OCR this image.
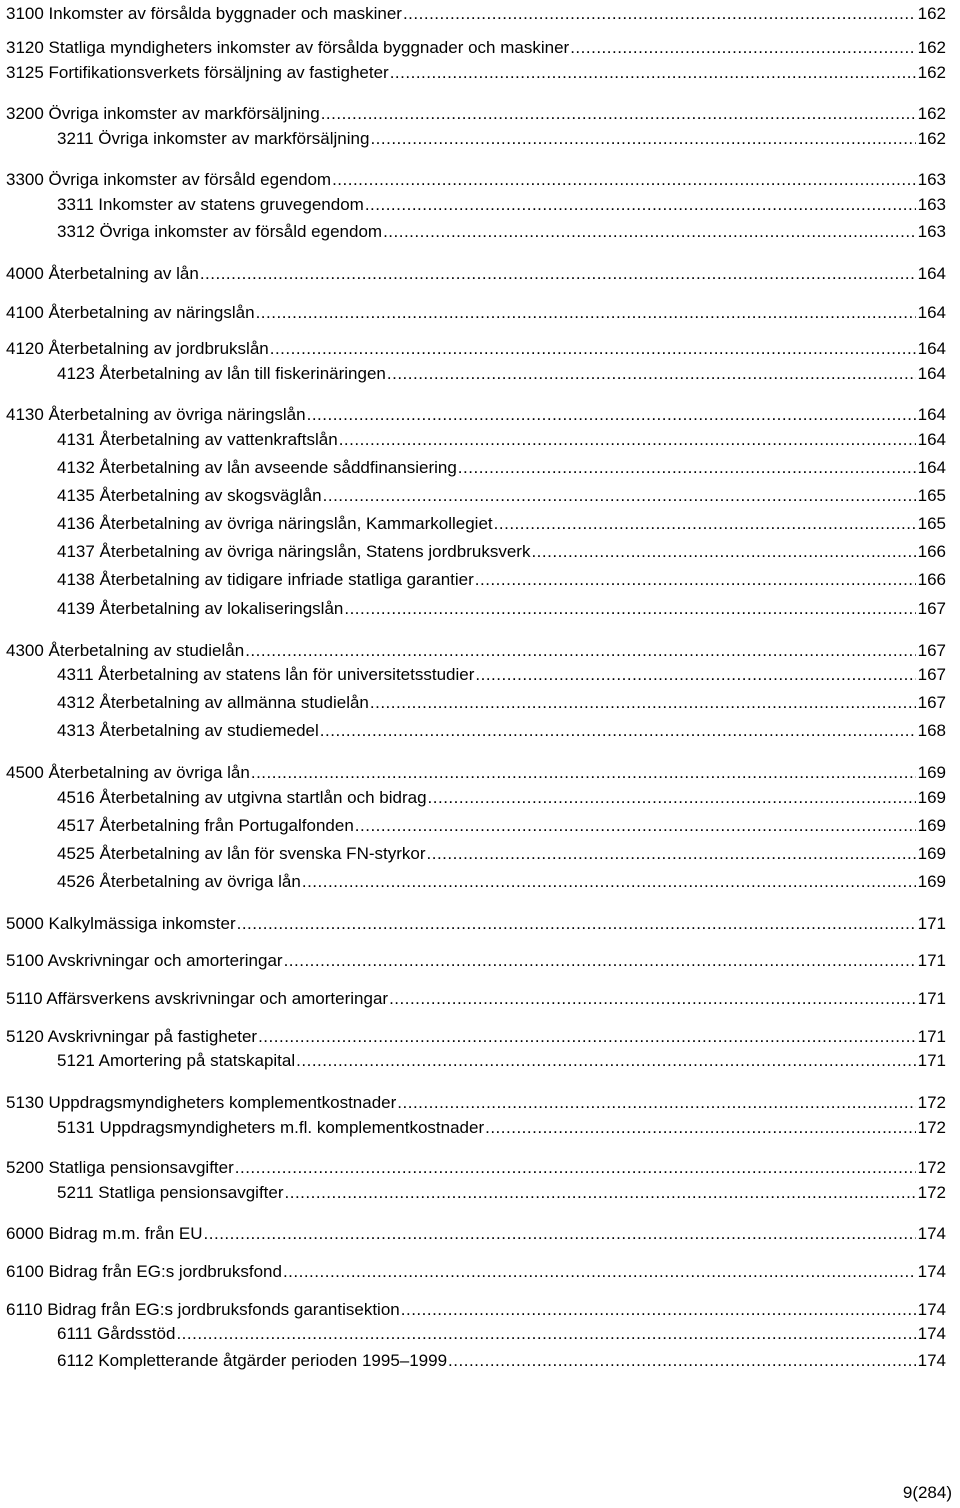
3100 Inkomster av försålda byggnader och maskiner .....	162
3120 Statliga myndigheters inkomster av försålda byggnader och maskiner .....	162
3125 Fortifikationsverkets försäljning av fastigheter .....	162
3200 Övriga inkomster av markförsäljning .....	162
3211 Övriga inkomster av markförsäljning .....	162
3300 Övriga inkomster av försåld egendom .....	163
3311 Inkomster av statens gruvegendom .....	163
3312 Övriga inkomster av försåld egendom .....	163
4000 Återbetalning av lån .....	164
4100 Återbetalning av näringslån .....	164
4120 Återbetalning av jordbrukslån .....	164
4123 Återbetalning av lån till fiskerinäringen .....	164
4130 Återbetalning av övriga näringslån .....	164
4131 Återbetalning av vattenkraftslån .....	164
4132 Återbetalning av lån avseende såddfinansiering .....	164
4135 Återbetalning av skogsväglån .....	165
4136 Återbetalning av övriga näringslån, Kammarkollegiet .....	165
4137 Återbetalning av övriga näringslån, Statens jordbruksverk .....	166
4138 Återbetalning av tidigare infriade statliga garantier .....	166
4139 Återbetalning av lokaliseringslån .....	167
4300 Återbetalning av studielån .....	167
4311 Återbetalning av statens lån för universitetsstudier .....	167
4312 Återbetalning av allmänna studielån .....	167
4313 Återbetalning av studiemedel .....	168
4500 Återbetalning av övriga lån .....	169
4516 Återbetalning av utgivna startlån och bidrag .....	169
4517 Återbetalning från Portugalfonden .....	169
4525 Återbetalning av lån för svenska FN-styrkor .....	169
4526 Återbetalning av övriga lån .....	169
5000 Kalkylmässiga inkomster .....	171
5100 Avskrivningar och amorteringar .....	171
5110 Affärsverkens avskrivningar och amorteringar .....	171
5120 Avskrivningar på fastigheter .....	171
5121 Amortering på statskapital .....	171
5130 Uppdragsmyndigheters komplementkostnader .....	172
5131 Uppdragsmyndigheters m.fl. komplementkostnader .....	172
5200 Statliga pensionsavgifter .....	172
5211 Statliga pensionsavgifter .....	172
6000 Bidrag m.m. från EU .....	174
6100 Bidrag från EG:s jordbruksfond .....	174
6110 Bidrag från EG:s jordbruksfonds garantisektion .....	174
6111 Gårdsstöd .....	174
6112 Kompletterande åtgärder perioden 1995–1999 .....	174
9(284)
